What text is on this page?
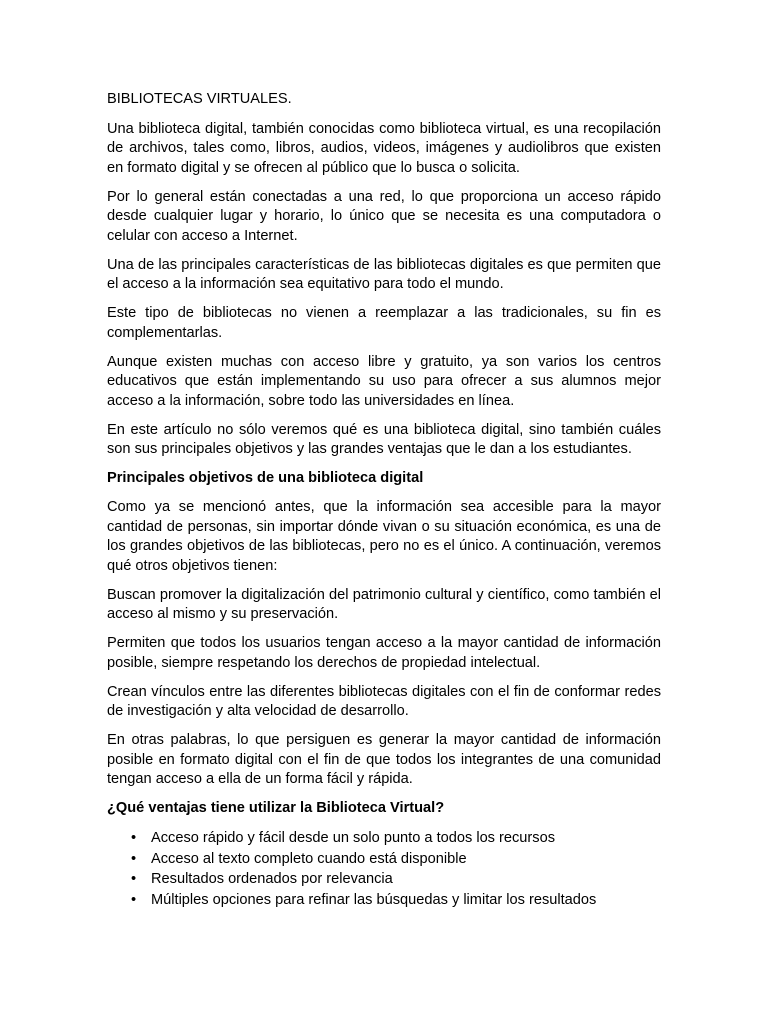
BIBLIOTECAS VIRTUALES.

Una biblioteca digital, también conocidas como biblioteca virtual, es una recopilación de archivos, tales como, libros, audios, videos, imágenes y audiolibros que existen en formato digital y se ofrecen al público que lo busca o solicita.

Por lo general están conectadas a una red, lo que proporciona un acceso rápido desde cualquier lugar y horario, lo único que se necesita es una computadora o celular con acceso a Internet.

Una de las principales características de las bibliotecas digitales es que permiten que el acceso a la información sea equitativo para todo el mundo.

Este tipo de bibliotecas no vienen a reemplazar a las tradicionales, su fin es complementarlas.

Aunque existen muchas con acceso libre y gratuito, ya son varios los centros educativos que están implementando su uso para ofrecer a sus alumnos mejor acceso a la información, sobre todo las universidades en línea.

En este artículo no sólo veremos qué es una biblioteca digital, sino también cuáles son sus principales objetivos y las grandes ventajas que le dan a los estudiantes.

Principales objetivos de una biblioteca digital

Como ya se mencionó antes, que la información sea accesible para la mayor cantidad de personas, sin importar dónde vivan o su situación económica, es una de los grandes objetivos de las bibliotecas, pero no es el único. A continuación, veremos qué otros objetivos tienen:

Buscan promover la digitalización del patrimonio cultural y científico, como también el acceso al mismo y su preservación.

Permiten que todos los usuarios tengan acceso a la mayor cantidad de información posible, siempre respetando los derechos de propiedad intelectual.

Crean vínculos entre las diferentes bibliotecas digitales con el fin de conformar redes de investigación y alta velocidad de desarrollo.

En otras palabras, lo que persiguen es generar la mayor cantidad de información posible en formato digital con el fin de que todos los integrantes de una comunidad tengan acceso a ella de un forma fácil y rápida.

¿Qué ventajas tiene utilizar la Biblioteca Virtual?
• Acceso rápido y fácil desde un solo punto a todos los recursos
• Acceso al texto completo cuando está disponible
• Resultados ordenados por relevancia
• Múltiples opciones para refinar las búsquedas y limitar los resultados
